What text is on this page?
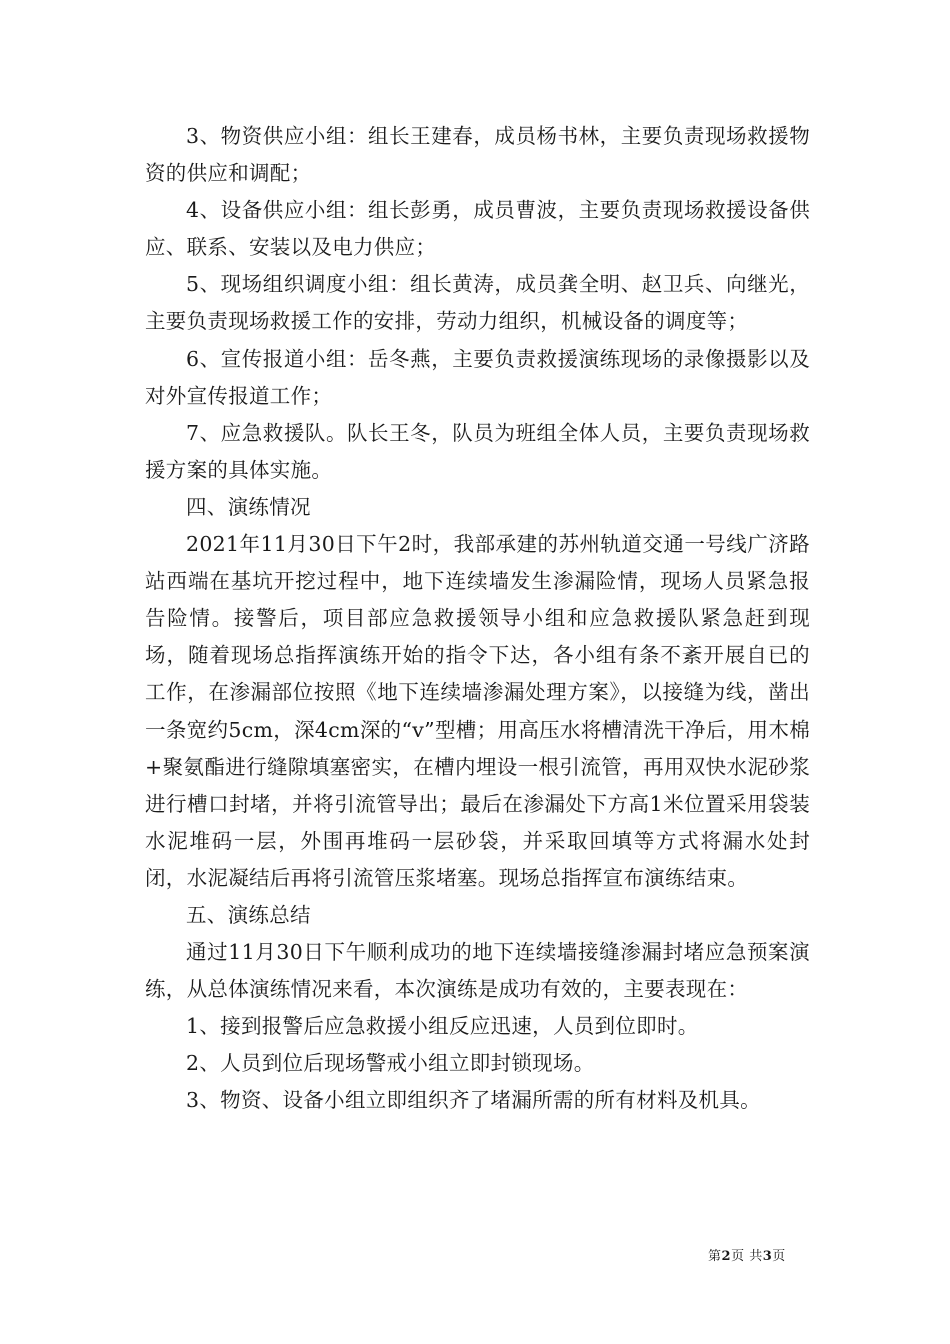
3、物资供应小组：组长王建春，成员杨书林，主要负责现场救援物资的供应和调配；

4、设备供应小组：组长彭勇，成员曹波，主要负责现场救援设备供应、联系、安装以及电力供应；

5、现场组织调度小组：组长黄涛，成员龚全明、赵卫兵、向继光，主要负责现场救援工作的安排，劳动力组织，机械设备的调度等；

6、宣传报道小组：岳冬燕，主要负责救援演练现场的录像摄影以及对外宣传报道工作；

7、应急救援队。队长王冬，队员为班组全体人员，主要负责现场救援方案的具体实施。

四、演练情况

2021年11月30日下午2时，我部承建的苏州轨道交通一号线广济路站西端在基坑开挖过程中，地下连续墙发生渗漏险情，现场人员紧急报告险情。接警后，项目部应急救援领导小组和应急救援队紧急赶到现场，随着现场总指挥演练开始的指令下达，各小组有条不紊开展自已的工作，在渗漏部位按照《地下连续墙渗漏处理方案》，以接缝为线，凿出一条宽约5cm，深4cm深的“v”型槽；用高压水将槽清洗干净后，用木棉+聚氨酯进行缝隙填塞密实，在槽内埋设一根引流管，再用双快水泥砂浆进行槽口封堵，并将引流管导出；最后在渗漏处下方高1米位置采用袋装水泥堆码一层，外围再堆码一层砂袋，并采取回填等方式将漏水处封闭，水泥凝结后再将引流管压浆堵塞。现场总指挥宣布演练结束。

五、演练总结

通过11月30日下午顺利成功的地下连续墙接缝渗漏封堵应急预案演练，从总体演练情况来看，本次演练是成功有效的，主要表现在：

1、接到报警后应急救援小组反应迅速，人员到位即时。

2、人员到位后现场警戒小组立即封锁现场。

3、物资、设备小组立即组织齐了堵漏所需的所有材料及机具。

第2页 共3页
